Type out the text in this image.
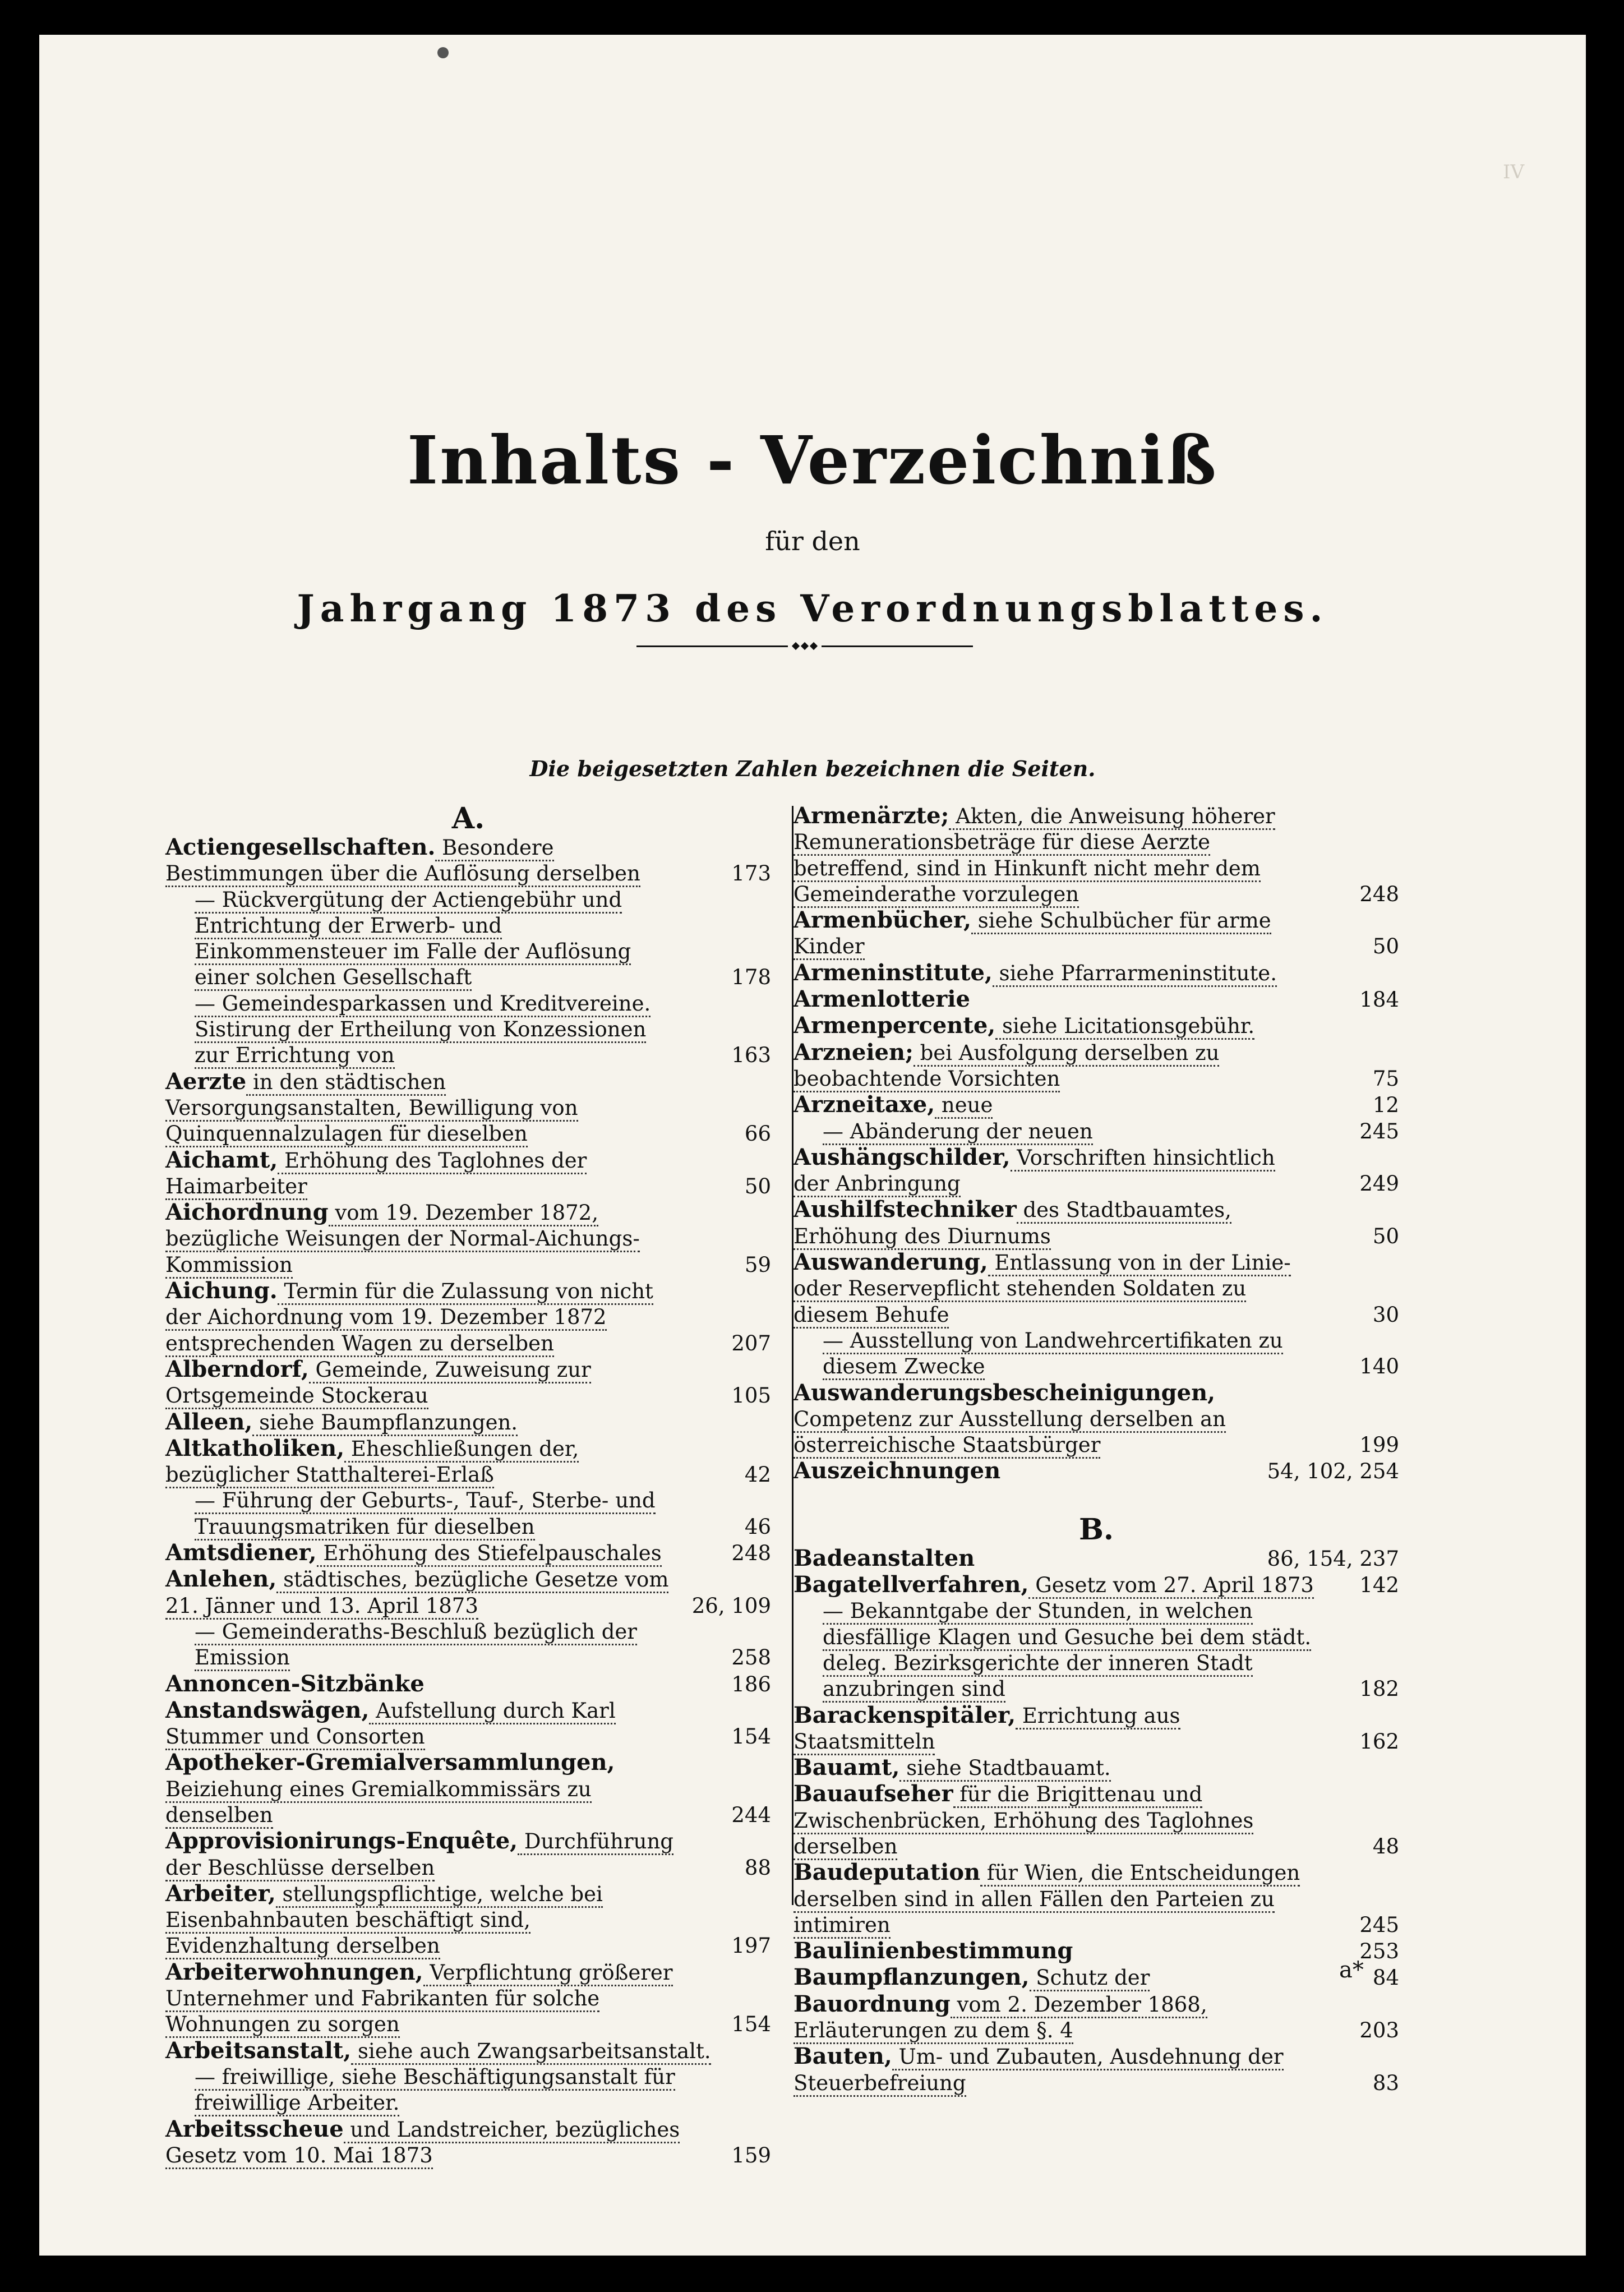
IV
Inhalts - Verzeichniß
für den
Jahrgang 1873 des Verordnungsblattes.
Die beigesetzten Zahlen bezeichnen die Seiten.
A.
Actiengesellschaften. Besondere Bestimmungen über die Auflösung derselben	173
— Rückvergütung der Actiengebühr und Entrichtung der Erwerb- und Einkommensteuer im Falle der Auflösung einer solchen Gesellschaft	178
— Gemeindesparkassen und Kreditvereine. Sistirung der Ertheilung von Konzessionen zur Errichtung von	163
Aerzte in den städtischen Versorgungsanstalten, Bewilligung von Quinquennalzulagen für dieselben	66
Aichamt, Erhöhung des Taglohnes der Haimarbeiter	50
Aichordnung vom 19. Dezember 1872, bezügliche Weisungen der Normal-Aichungs-Kommission	59
Aichung. Termin für die Zulassung von nicht der Aichordnung vom 19. Dezember 1872 entsprechenden Wagen zu derselben	207
Alberndorf, Gemeinde, Zuweisung zur Ortsgemeinde Stockerau	105
Alleen, siehe Baumpflanzungen.
Altkatholiken, Eheschließungen der, bezüglicher Statthalterei-Erlaß	42
— Führung der Geburts-, Tauf-, Sterbe- und Trauungsmatriken für dieselben	46
Amtsdiener, Erhöhung des Stiefelpauschales	248
Anlehen, städtisches, bezügliche Gesetze vom 21. Jänner und 13. April 1873	26, 109
— Gemeinderaths-Beschluß bezüglich der Emission	258
Annoncen-Sitzbänke	186
Anstandswägen, Aufstellung durch Karl Stummer und Consorten	154
Apotheker-Gremialversammlungen, Beiziehung eines Gremialkommissärs zu denselben	244
Approvisionirungs-Enquête, Durchführung der Beschlüsse derselben	88
Arbeiter, stellungspflichtige, welche bei Eisenbahnbauten beschäftigt sind, Evidenzhaltung derselben	197
Arbeiterwohnungen, Verpflichtung größerer Unternehmer und Fabrikanten für solche Wohnungen zu sorgen	154
Arbeitsanstalt, siehe auch Zwangsarbeitsanstalt.
— freiwillige, siehe Beschäftigungsanstalt für freiwillige Arbeiter.
Arbeitsscheue und Landstreicher, bezügliches Gesetz vom 10. Mai 1873	159
Armenärzte; Akten, die Anweisung höherer Remunerationsbeträge für diese Aerzte betreffend, sind in Hinkunft nicht mehr dem Gemeinderathe vorzulegen	248
Armenbücher, siehe Schulbücher für arme Kinder	50
Armeninstitute, siehe Pfarrarmeninstitute.
Armenlotterie	184
Armenpercente, siehe Licitationsgebühr.
Arzneien; bei Ausfolgung derselben zu beobachtende Vorsichten	75
Arzneitaxe, neue	12
— Abänderung der neuen	245
Aushängschilder, Vorschriften hinsichtlich der Anbringung	249
Aushilfstechniker des Stadtbauamtes, Erhöhung des Diurnums	50
Auswanderung, Entlassung von in der Linie- oder Reservepflicht stehenden Soldaten zu diesem Behufe	30
— Ausstellung von Landwehrcertifikaten zu diesem Zwecke	140
Auswanderungsbescheinigungen, Competenz zur Ausstellung derselben an österreichische Staatsbürger	199
Auszeichnungen	54, 102, 254
B.
Badeanstalten	86, 154, 237
Bagatellverfahren, Gesetz vom 27. April 1873 142
— Bekanntgabe der Stunden, in welchen diesfällige Klagen und Gesuche bei dem städt. deleg. Bezirksgerichte der inneren Stadt anzubringen sind	182
Barackenspitäler, Errichtung aus Staatsmitteln	162
Bauamt, siehe Stadtbauamt.
Bauaufseher für die Brigittenau und Zwischenbrücken, Erhöhung des Taglohnes derselben	48
Baudeputation für Wien, die Entscheidungen derselben sind in allen Fällen den Parteien zu intimiren	245
Baulinienbestimmung	253
Baumpflanzungen, Schutz der	84
Bauordnung vom 2. Dezember 1868, Erläuterungen zu dem §. 4	203
Bauten, Um- und Zubauten, Ausdehnung der Steuerbefreiung	83
a*
